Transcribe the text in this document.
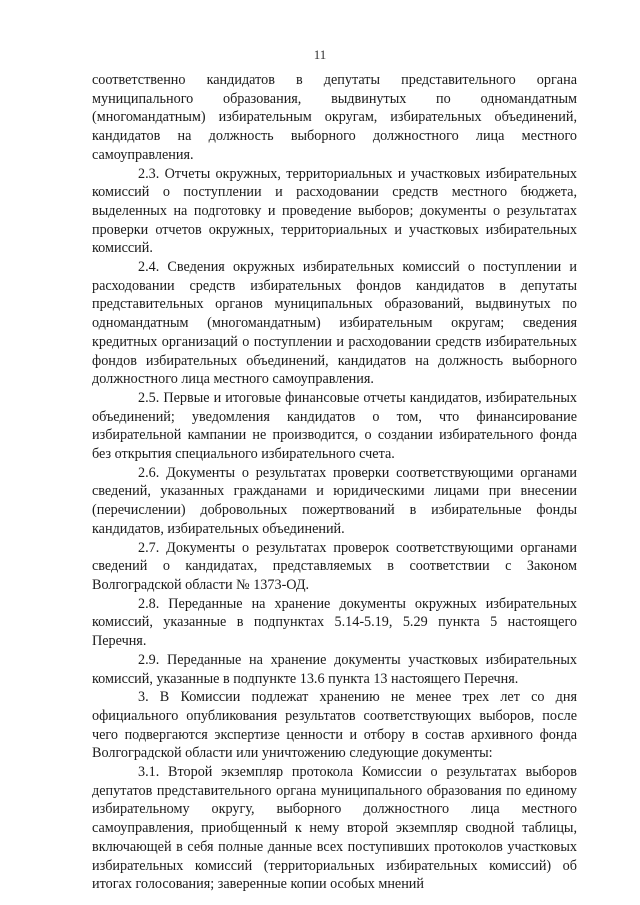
11

соответственно кандидатов в депутаты представительного органа муниципального образования, выдвинутых по одномандатным (многомандатным) избирательным округам, избирательных объединений, кандидатов на должность выборного должностного лица местного самоуправления.

2.3. Отчеты окружных, территориальных и участковых избирательных комиссий о поступлении и расходовании средств местного бюджета, выделенных на подготовку и проведение выборов; документы о результатах проверки отчетов окружных, территориальных и участковых избирательных комиссий.

2.4. Сведения окружных избирательных комиссий о поступлении и расходовании средств избирательных фондов кандидатов в депутаты представительных органов муниципальных образований, выдвинутых по одномандатным (многомандатным) избирательным округам; сведения кредитных организаций о поступлении и расходовании средств избирательных фондов избирательных объединений, кандидатов на должность выборного должностного лица местного самоуправления.

2.5. Первые и итоговые финансовые отчеты кандидатов, избирательных объединений; уведомления кандидатов о том, что финансирование избирательной кампании не производится, о создании избирательного фонда без открытия специального избирательного счета.

2.6. Документы о результатах проверки соответствующими органами сведений, указанных гражданами и юридическими лицами при внесении (перечислении) добровольных пожертвований в избирательные фонды кандидатов, избирательных объединений.

2.7. Документы о результатах проверок соответствующими органами сведений о кандидатах, представляемых в соответствии с Законом Волгоградской области № 1373-ОД.

2.8. Переданные на хранение документы окружных избирательных комиссий, указанные в подпунктах 5.14-5.19, 5.29 пункта 5 настоящего Перечня.

2.9. Переданные на хранение документы участковых избирательных комиссий, указанные в подпункте 13.6 пункта 13 настоящего Перечня.

3. В Комиссии подлежат хранению не менее трех лет со дня официального опубликования результатов соответствующих выборов, после чего подвергаются экспертизе ценности и отбору в состав архивного фонда Волгоградской области или уничтожению следующие документы:

3.1. Второй экземпляр протокола Комиссии о результатах выборов депутатов представительного органа муниципального образования по единому избирательному округу, выборного должностного лица местного самоуправления, приобщенный к нему второй экземпляр сводной таблицы, включающей в себя полные данные всех поступивших протоколов участковых избирательных комиссий (территориальных избирательных комиссий) об итогах голосования; заверенные копии особых мнений
